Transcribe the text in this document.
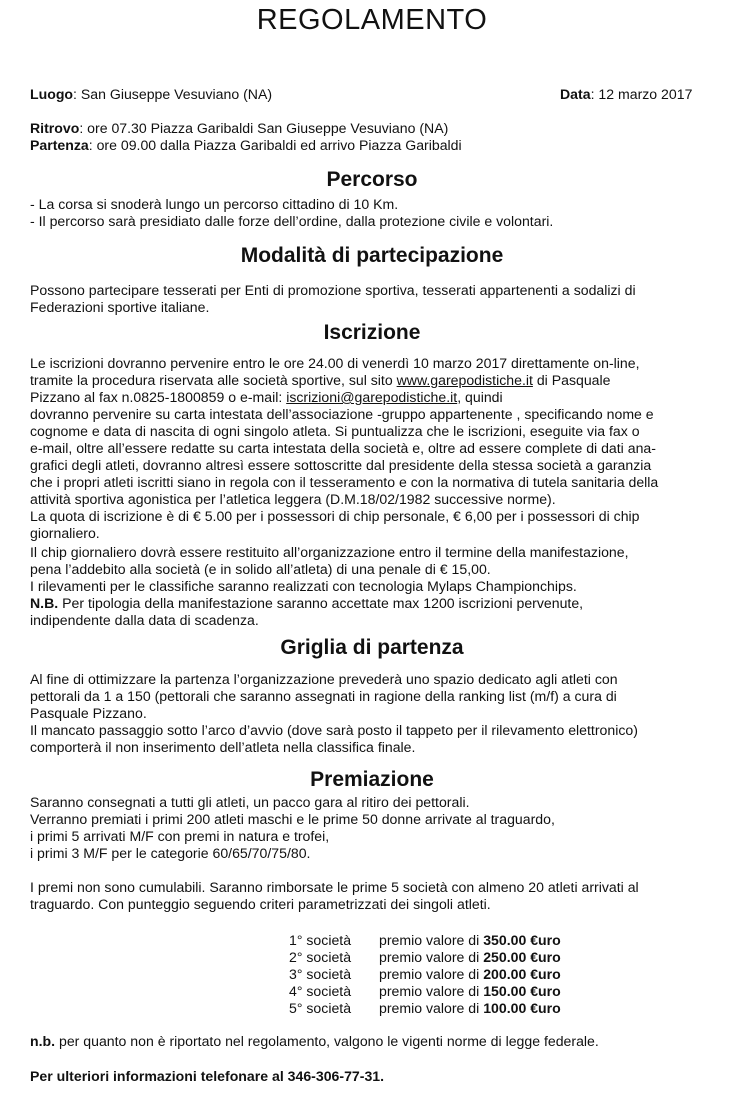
REGOLAMENTO
Luogo: San Giuseppe Vesuviano (NA)	Data: 12 marzo 2017
Ritrovo: ore 07.30 Piazza Garibaldi San Giuseppe Vesuviano (NA)
Partenza: ore 09.00 dalla Piazza Garibaldi ed arrivo Piazza Garibaldi
Percorso
- La corsa si snoderà lungo un percorso cittadino di 10 Km.
- Il percorso sarà presidiato dalle forze dell’ordine, dalla protezione civile e volontari.
Modalità di partecipazione
Possono partecipare tesserati per Enti di promozione sportiva, tesserati appartenenti a sodalizi di
Federazioni sportive italiane.
Iscrizione
Le iscrizioni dovranno pervenire entro le ore 24.00 di venerdì 10 marzo 2017 direttamente on-line,
tramite la procedura riservata alle società sportive, sul sito www.garepodistiche.it di Pasquale
Pizzano al fax n.0825-1800859 o e-mail: iscrizioni@garepodistiche.it, quindi
dovranno pervenire su carta intestata dell’associazione -gruppo appartenente , specificando nome e
cognome e data di nascita di ogni singolo atleta. Si puntualizza che le iscrizioni, eseguite via fax o
e-mail, oltre all’essere redatte su carta intestata della società e, oltre ad essere complete di dati ana-
grafici degli atleti, dovranno altresì essere sottoscritte dal presidente della stessa società a garanzia
che i propri atleti iscritti siano in regola con il tesseramento e con la normativa di tutela sanitaria della
attività sportiva agonistica per l’atletica leggera (D.M.18/02/1982 successive norme).
La quota di iscrizione è di € 5.00 per i possessori di chip personale, € 6,00 per i possessori di chip
giornaliero.
Il chip giornaliero dovrà essere restituito all’organizzazione entro il termine della manifestazione,
pena l’addebito alla società (e in solido all’atleta) di una penale di € 15,00.
I rilevamenti per le classifiche saranno realizzati con tecnologia Mylaps Championchips.
N.B. Per tipologia della manifestazione saranno accettate max 1200 iscrizioni pervenute,
indipendente dalla data di scadenza.
Griglia di partenza
Al fine di ottimizzare la partenza l’organizzazione prevederà uno spazio dedicato agli atleti con
pettorali da 1 a 150 (pettorali che saranno assegnati in ragione della ranking list (m/f) a cura di
Pasquale Pizzano.
Il mancato passaggio sotto l’arco d’avvio (dove sarà posto il tappeto per il rilevamento elettronico)
comporterà il non inserimento dell’atleta nella classifica finale.
Premiazione
Saranno consegnati a tutti gli atleti, un pacco gara al ritiro dei pettorali.
Verranno premiati i primi 200 atleti maschi e le prime 50 donne arrivate al traguardo,
i primi 5 arrivati M/F con premi in natura e trofei,
i primi 3 M/F per le categorie 60/65/70/75/80.
I premi non sono cumulabili. Saranno rimborsate le prime 5 società con almeno 20 atleti arrivati al
traguardo. Con punteggio seguendo criteri parametrizzati dei singoli atleti.
1° società premio valore di 350.00 €uro
2° società premio valore di 250.00 €uro
3° società premio valore di 200.00 €uro
4° società premio valore di 150.00 €uro
5° società premio valore di 100.00 €uro
n.b. per quanto non è riportato nel regolamento, valgono le vigenti norme di legge federale.
Per ulteriori informazioni telefonare al 346-306-77-31.
